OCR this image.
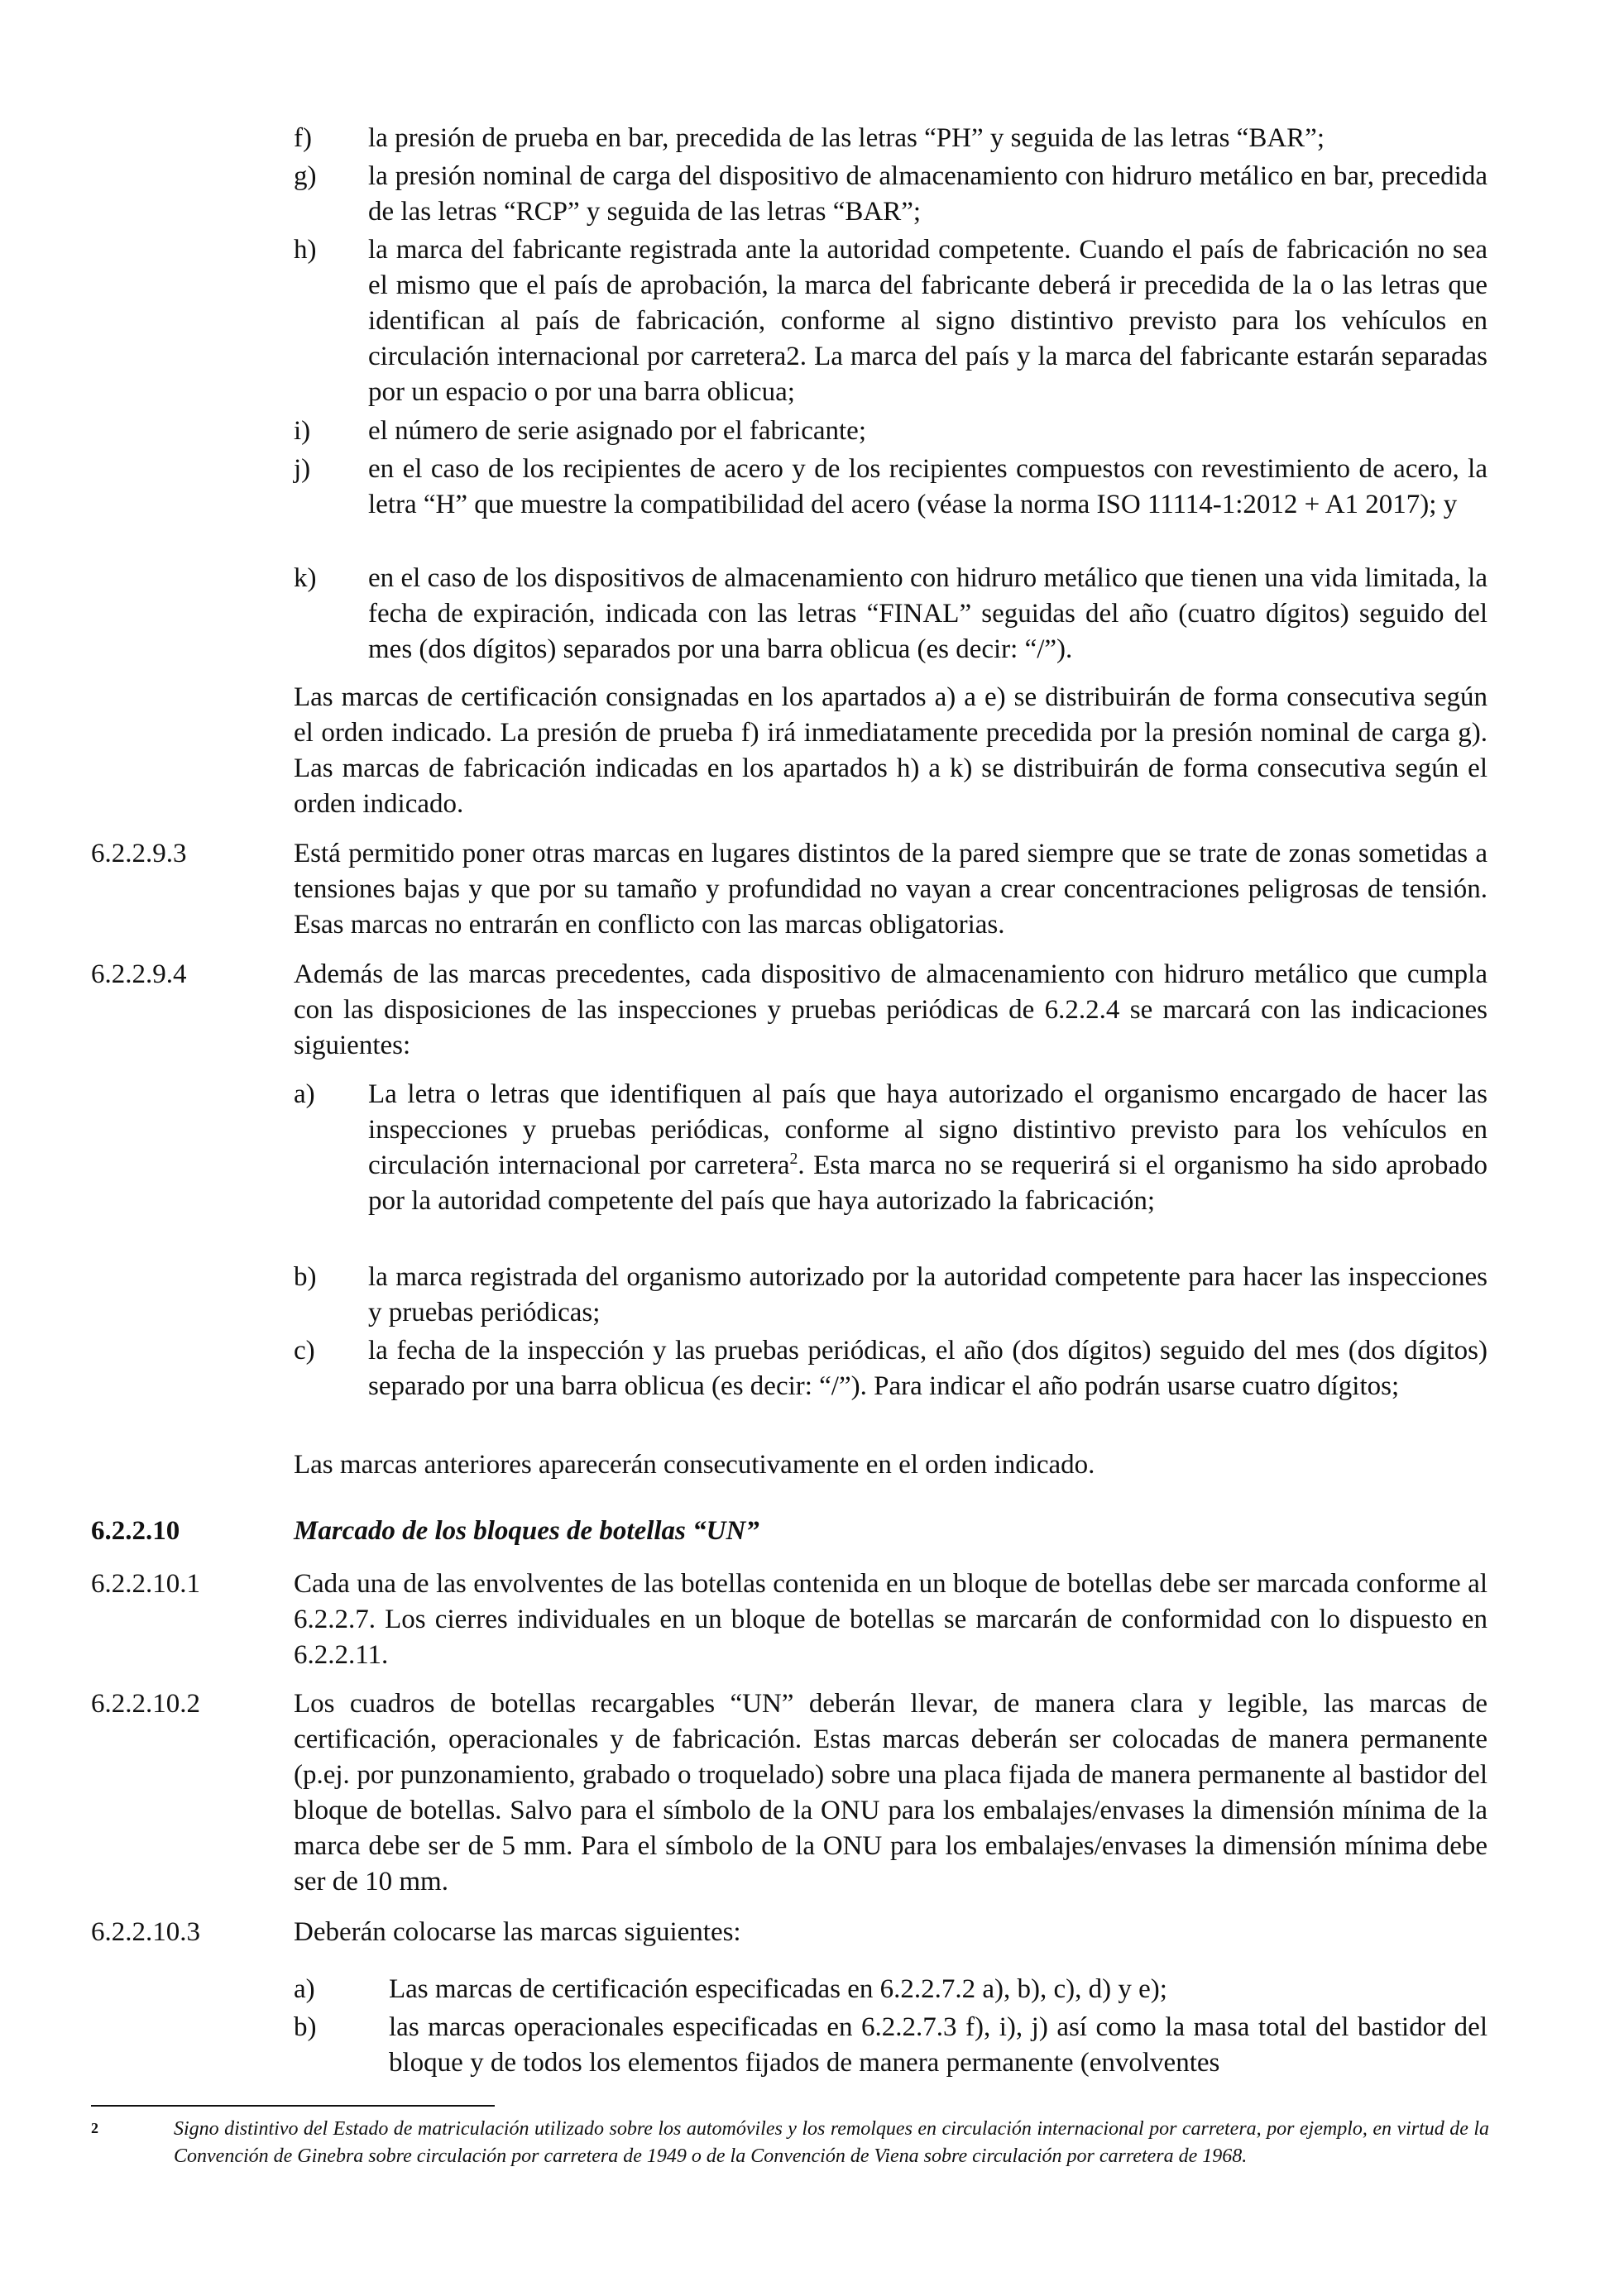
f) la presión de prueba en bar, precedida de las letras “PH” y seguida de las letras “BAR”;
g) la presión nominal de carga del dispositivo de almacenamiento con hidruro metálico en bar, precedida de las letras “RCP” y seguida de las letras “BAR”;
h) la marca del fabricante registrada ante la autoridad competente. Cuando el país de fabricación no sea el mismo que el país de aprobación, la marca del fabricante deberá ir precedida de la o las letras que identifican al país de fabricación, conforme al signo distintivo previsto para los vehículos en circulación internacional por carretera2. La marca del país y la marca del fabricante estarán separadas por un espacio o por una barra oblicua;
i) el número de serie asignado por el fabricante;
j) en el caso de los recipientes de acero y de los recipientes compuestos con revestimiento de acero, la letra “H” que muestre la compatibilidad del acero (véase la norma ISO 11114-1:2012 + A1 2017); y
k) en el caso de los dispositivos de almacenamiento con hidruro metálico que tienen una vida limitada, la fecha de expiración, indicada con las letras “FINAL” seguidas del año (cuatro dígitos) seguido del mes (dos dígitos) separados por una barra oblicua (es decir: “/”).
Las marcas de certificación consignadas en los apartados a) a e) se distribuirán de forma consecutiva según el orden indicado. La presión de prueba f) irá inmediatamente precedida por la presión nominal de carga g). Las marcas de fabricación indicadas en los apartados h) a k) se distribuirán de forma consecutiva según el orden indicado.
6.2.2.9.3	Está permitido poner otras marcas en lugares distintos de la pared siempre que se trate de zonas sometidas a tensiones bajas y que por su tamaño y profundidad no vayan a crear concentraciones peligrosas de tensión. Esas marcas no entrarán en conflicto con las marcas obligatorias.
6.2.2.9.4	Además de las marcas precedentes, cada dispositivo de almacenamiento con hidruro metálico que cumpla con las disposiciones de las inspecciones y pruebas periódicas de 6.2.2.4 se marcará con las indicaciones siguientes:
a) La letra o letras que identifiquen al país que haya autorizado el organismo encargado de hacer las inspecciones y pruebas periódicas, conforme al signo distintivo previsto para los vehículos en circulación internacional por carretera$^2$. Esta marca no se requerirá si el organismo ha sido aprobado por la autoridad competente del país que haya autorizado la fabricación;
b) la marca registrada del organismo autorizado por la autoridad competente para hacer las inspecciones y pruebas periódicas;
c) la fecha de la inspección y las pruebas periódicas, el año (dos dígitos) seguido del mes (dos dígitos) separado por una barra oblicua (es decir: “/”). Para indicar el año podrán usarse cuatro dígitos;
Las marcas anteriores aparecerán consecutivamente en el orden indicado.
6.2.2.10	Marcado de los bloques de botellas “UN”
6.2.2.10.1	Cada una de las envolventes de las botellas contenida en un bloque de botellas debe ser marcada conforme al 6.2.2.7. Los cierres individuales en un bloque de botellas se marcarán de conformidad con lo dispuesto en 6.2.2.11.
6.2.2.10.2	Los cuadros de botellas recargables “UN” deberán llevar, de manera clara y legible, las marcas de certificación, operacionales y de fabricación. Estas marcas deberán ser colocadas de manera permanente (p.ej. por punzonamiento, grabado o troquelado) sobre una placa fijada de manera permanente al bastidor del bloque de botellas. Salvo para el símbolo de la ONU para los embalajes/envases la dimensión mínima de la marca debe ser de 5 mm. Para el símbolo de la ONU para los embalajes/envases la dimensión mínima debe ser de 10 mm.
6.2.2.10.3	Deberán colocarse las marcas siguientes:
a)	Las marcas de certificación especificadas en 6.2.2.7.2 a), b), c), d) y e);
b)	las marcas operacionales especificadas en 6.2.2.7.3 f), i), j) así como la masa total del bastidor del bloque y de todos los elementos fijados de manera permanente (envolventes
2	Signo distintivo del Estado de matriculación utilizado sobre los automóviles y los remolques en circulación internacional por carretera, por ejemplo, en virtud de la Convención de Ginebra sobre circulación por carretera de 1949 o de la Convención de Viena sobre circulación por carretera de 1968.
